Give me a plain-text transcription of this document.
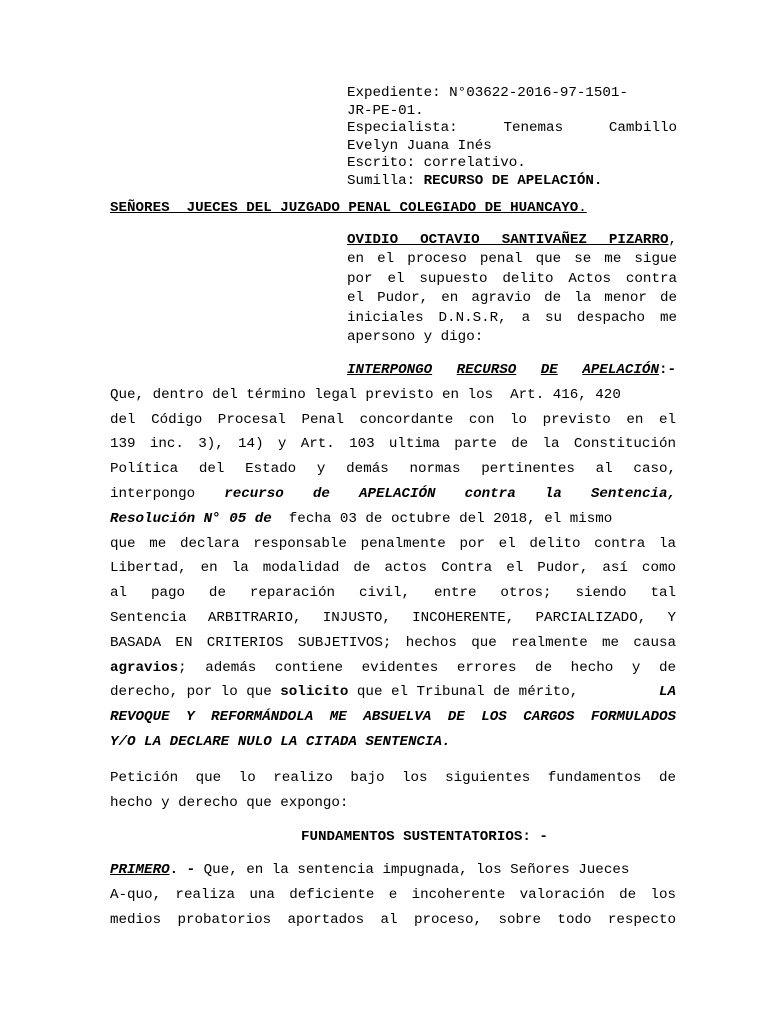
Expediente: N°03622-2016-97-1501-
JR-PE-01.
Especialista: Tenemas Cambillo
Evelyn Juana Inés
Escrito: correlativo.
Sumilla: RECURSO DE APELACIÓN.
SEÑORES  JUECES DEL JUZGADO PENAL COLEGIADO DE HUANCAYO.
OVIDIO OCTAVIO SANTIVAÑEZ PIZARRO,
en el proceso penal que se me sigue
por el supuesto delito Actos contra
el Pudor, en agravio de la menor de
iniciales D.N.S.R, a su despacho me
apersono y digo:
INTERPONGO RECURSO DE APELACIÓN:-
Que, dentro del término legal previsto en los  Art. 416, 420
del Código Procesal Penal concordante con lo previsto en el
139 inc. 3), 14) y Art. 103 ultima parte de la Constitución
Política del Estado y demás normas pertinentes al caso,
interpongo recurso de APELACIÓN contra la Sentencia,
Resolución N° 05 de  fecha 03 de octubre del 2018, el mismo
que me declara responsable penalmente por el delito contra la
Libertad, en la modalidad de actos Contra el Pudor, así como
al pago de reparación civil, entre otros; siendo tal
Sentencia ARBITRARIO, INJUSTO, INCOHERENTE, PARCIALIZADO, Y
BASADA EN CRITERIOS SUBJETIVOS; hechos que realmente me causa
agravios; además contiene evidentes errores de hecho y de
derecho, por lo que solicito que el Tribunal de mérito,	LA
REVOQUE Y REFORMÁNDOLA ME ABSUELVA DE LOS CARGOS FORMULADOS
Y/O LA DECLARE NULO LA CITADA SENTENCIA.
Petición que lo realizo bajo los siguientes fundamentos de
hecho y derecho que expongo:
FUNDAMENTOS SUSTENTATORIOS: -
PRIMERO. - Que, en la sentencia impugnada, los Señores Jueces
A-quo, realiza una deficiente e incoherente valoración de los
medios probatorios aportados al proceso, sobre todo respecto
